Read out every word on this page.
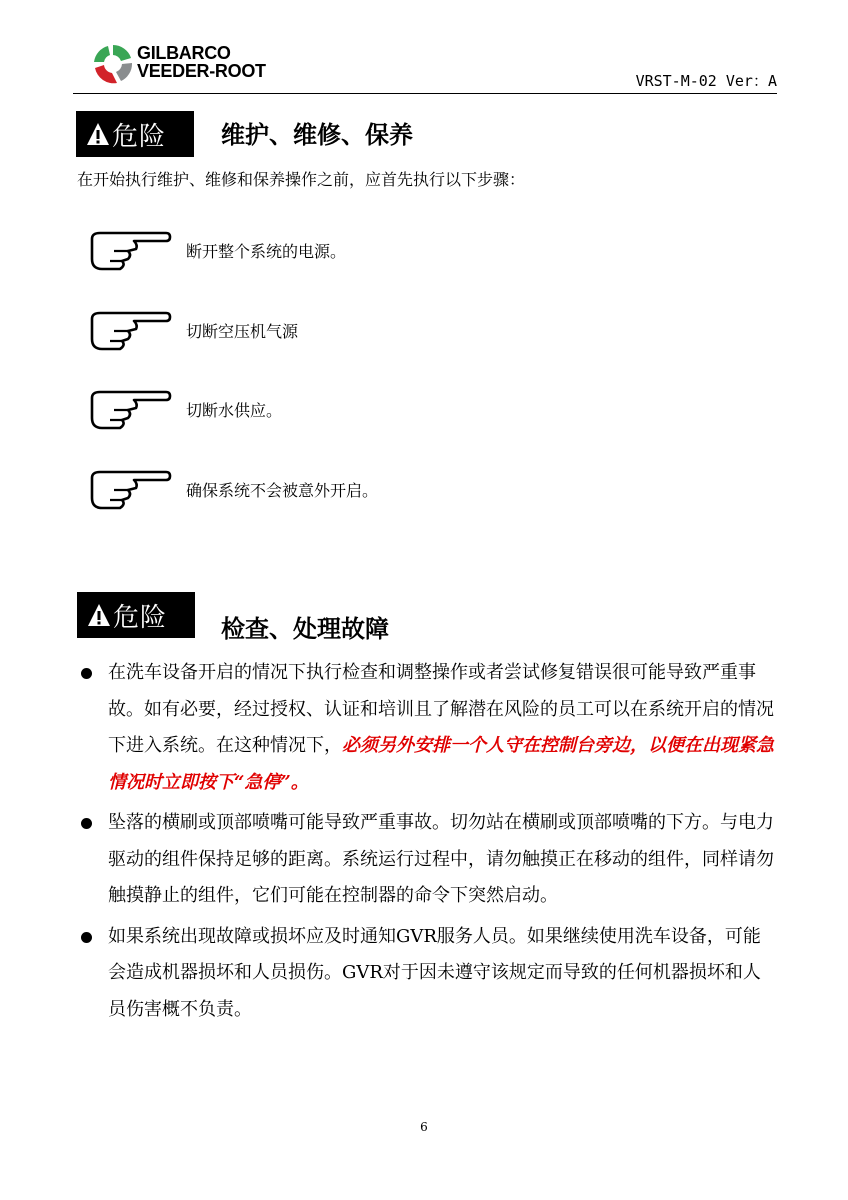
GILBARCO
VEEDER-ROOT	VRST-M-02 Ver：A
危险 维护、维修、保养
在开始执行维护、维修和保养操作之前，应首先执行以下步骤：
断开整个系统的电源。
切断空压机气源
切断水供应。
确保系统不会被意外开启。
危险 检查、处理故障
在洗车设备开启的情况下执行检查和调整操作或者尝试修复错误很可能导致严重事故。如有必要，经过授权、认证和培训且了解潜在风险的员工可以在系统开启的情况下进入系统。在这种情况下，必须另外安排一个人守在控制台旁边，以便在出现紧急情况时立即按下“急停”。
坠落的横刷或顶部喷嘴可能导致严重事故。切勿站在横刷或顶部喷嘴的下方。与电力驱动的组件保持足够的距离。系统运行过程中，请勿触摸正在移动的组件，同样请勿触摸静止的组件，它们可能在控制器的命令下突然启动。
如果系统出现故障或损坏应及时通知GVR服务人员。如果继续使用洗车设备，可能会造成机器损坏和人员损伤。GVR对于因未遵守该规定而导致的任何机器损坏和人员伤害概不负责。
6
